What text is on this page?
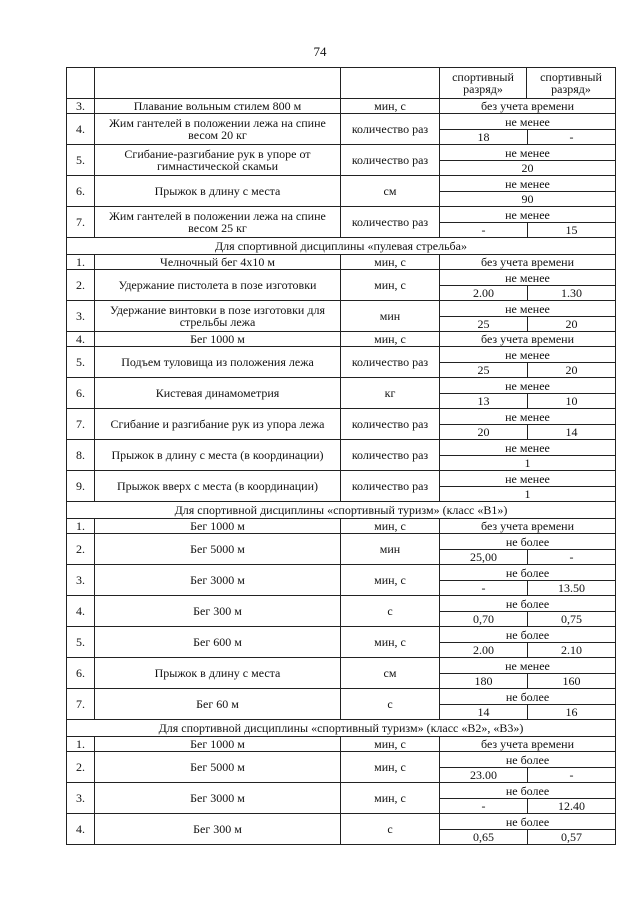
74
			спортивный разряд»	спортивный разряд»
3.	Плавание вольным стилем 800 м	мин, с	без учета времени	
4.	Жим гантелей в положении лежа на спине весом 20 кг	количество раз	не менее
18 -	

5.	Сгибание-разгибание рук в упоре от гимнастической скамьи	количество раз	не менее
20	

6.	Прыжок в длину с места	см	не менее
90	

7.	Жим гантелей в положении лежа на спине весом 25 кг	количество раз	не менее
- 15	

Для спортивной дисциплины «пулевая стрельба»				
1.	Челночный бег 4х10 м	мин, с	без учета времени	
2.	Удержание пистолета в позе изготовки	мин, с	не менее
2.00 1.30	

3.	Удержание винтовки в позе изготовки для стрельбы лежа	мин	не менее
25 20	

4.	Бег 1000 м	мин, с	без учета времени	
5.	Подъем туловища из положения лежа	количество раз	не менее
25 20	

6.	Кистевая динамометрия	кг	не менее
13 10	

7.	Сгибание и разгибание рук из упора лежа	количество раз	не менее
20 14	

8.	Прыжок в длину с места (в координации)	количество раз	не менее
1	

9.	Прыжок вверх с места (в координации)	количество раз	не менее
1	

Для спортивной дисциплины «спортивный туризм» (класс «В1»)				
1.	Бег 1000 м	мин, с	без учета времени	
2.	Бег 5000 м	мин	не более
25,00 -	

3.	Бег 3000 м	мин, с	не более
- 13.50	

4.	Бег 300 м	с	не более
0,70 0,75	

5.	Бег 600 м	мин, с	не более
2.00 2.10	

6.	Прыжок в длину с места	см	не менее
180 160	

7.	Бег 60 м	с	не более
14 16	

Для спортивной дисциплины «спортивный туризм» (класс «В2», «В3»)				
1.	Бег 1000 м	мин, с	без учета времени	
2.	Бег 5000 м	мин, с	не более
23.00 -	

3.	Бег 3000 м	мин, с	не более
- 12.40	

4.	Бег 300 м	с	не более
0,65 0,57	
